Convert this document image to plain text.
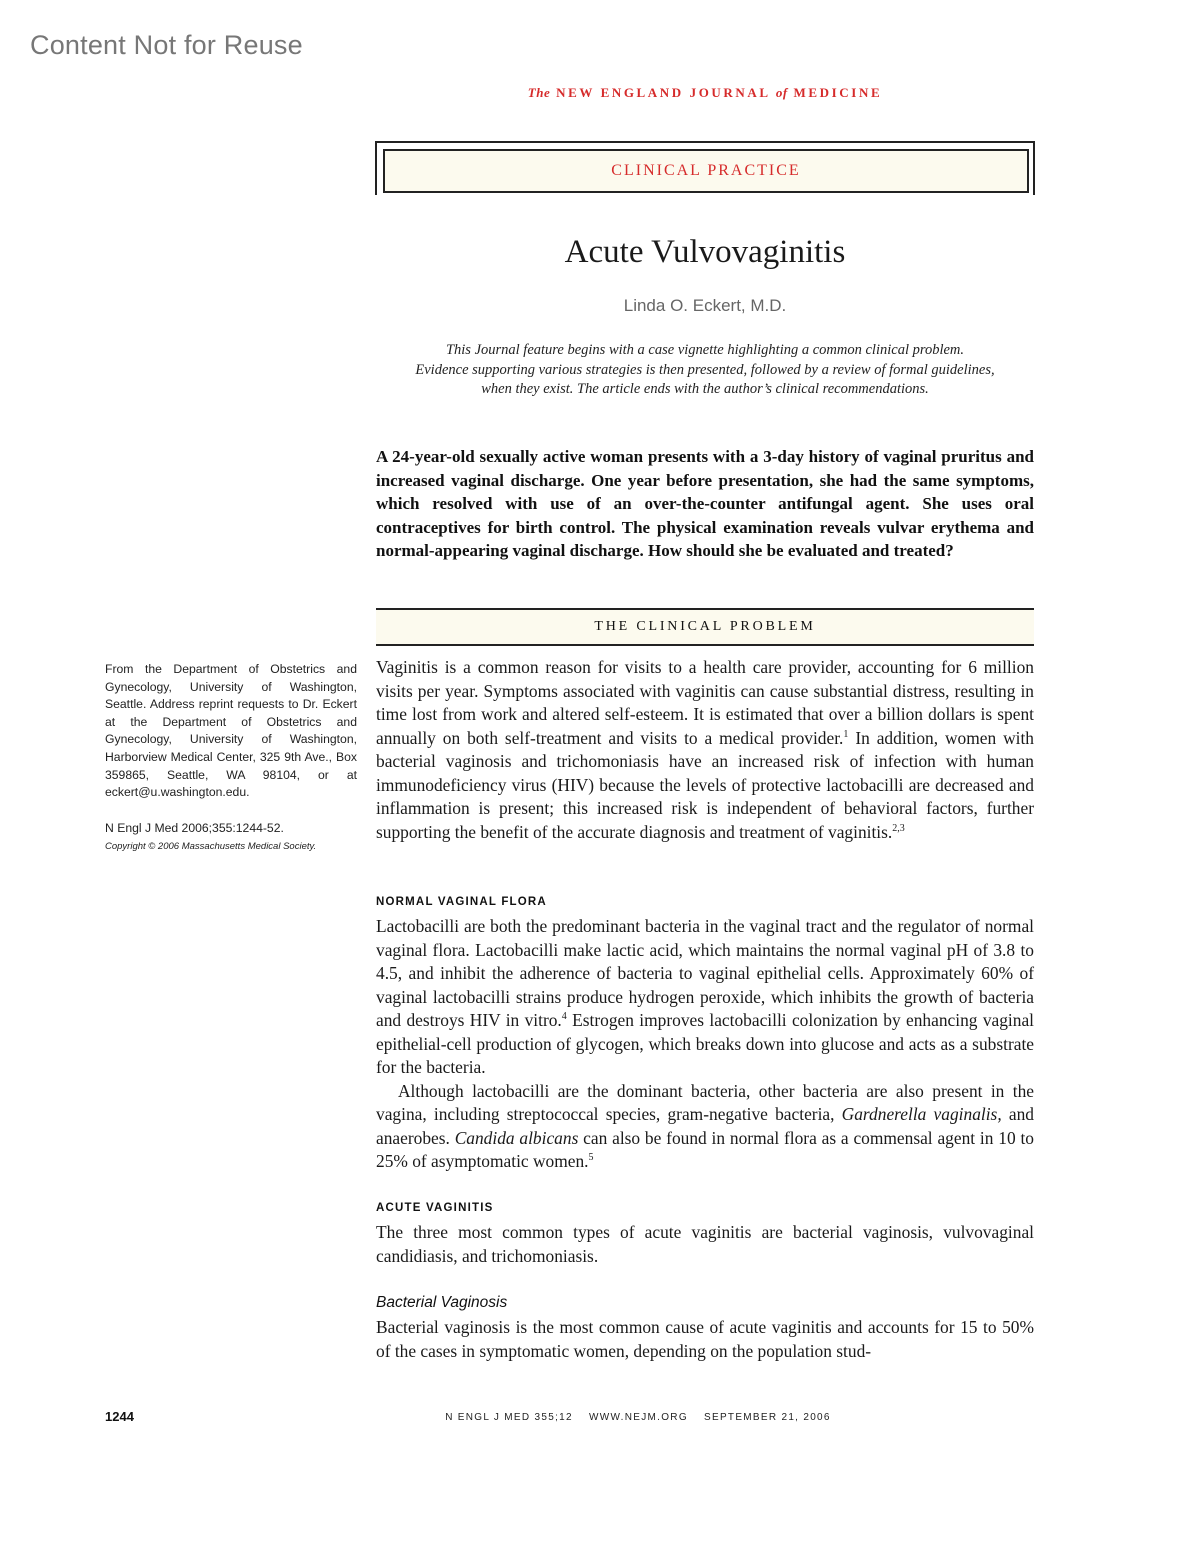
Content Not for Reuse
The NEW ENGLAND JOURNAL of MEDICINE
CLINICAL PRACTICE
Acute Vulvovaginitis
Linda O. Eckert, M.D.
This Journal feature begins with a case vignette highlighting a common clinical problem.
Evidence supporting various strategies is then presented, followed by a review of formal guidelines,
when they exist. The article ends with the author’s clinical recommendations.
A 24-year-old sexually active woman presents with a 3-day history of vaginal pruritus and increased vaginal discharge. One year before presentation, she had the same symptoms, which resolved with use of an over-the-counter antifungal agent. She uses oral contraceptives for birth control. The physical examination reveals vulvar erythema and normal-appearing vaginal discharge. How should she be evaluated and treated?
THE CLINICAL PROBLEM
From the Department of Obstetrics and Gynecology, University of Washington, Seattle. Address reprint requests to Dr. Eckert at the Department of Obstetrics and Gynecology, University of Washington, Harborview Medical Center, 325 9th Ave., Box 359865, Seattle, WA 98104, or at eckert@u.washington.edu.
N Engl J Med 2006;355:1244-52.
Copyright © 2006 Massachusetts Medical Society.

Vaginitis is a common reason for visits to a health care provider, accounting for 6 million visits per year. Symptoms associated with vaginitis can cause substantial distress, resulting in time lost from work and altered self-esteem. It is estimated that over a billion dollars is spent annually on both self-treatment and visits to a medical provider.$^1$ In addition, women with bacterial vaginosis and trichomoniasis have an increased risk of infection with human immunodeficiency virus (HIV) because the levels of protective lactobacilli are decreased and inflammation is present; this increased risk is independent of behavioral factors, further supporting the benefit of the accurate diagnosis and treatment of vaginitis.$^{2,3}$

NORMAL VAGINAL FLORA

Lactobacilli are both the predominant bacteria in the vaginal tract and the regulator of normal vaginal flora. Lactobacilli make lactic acid, which maintains the normal vaginal pH of 3.8 to 4.5, and inhibit the adherence of bacteria to vaginal epithelial cells. Approximately 60% of vaginal lactobacilli strains produce hydrogen peroxide, which inhibits the growth of bacteria and destroys HIV in vitro.$^4$ Estrogen improves lactobacilli colonization by enhancing vaginal epithelial-cell production of glycogen, which breaks down into glucose and acts as a substrate for the bacteria.

Although lactobacilli are the dominant bacteria, other bacteria are also present in the vagina, including streptococcal species, gram-negative bacteria, Gardnerella vaginalis, and anaerobes. Candida albicans can also be found in normal flora as a commensal agent in 10 to 25% of asymptomatic women.$^5$

ACUTE VAGINITIS

The three most common types of acute vaginitis are bacterial vaginosis, vulvovaginal candidiasis, and trichomoniasis.

Bacterial Vaginosis

Bacterial vaginosis is the most common cause of acute vaginitis and accounts for 15 to 50% of the cases in symptomatic women, depending on the population stud-

1244	N ENGL J MED 355;12 WWW.NEJM.ORG SEPTEMBER 21, 2006
